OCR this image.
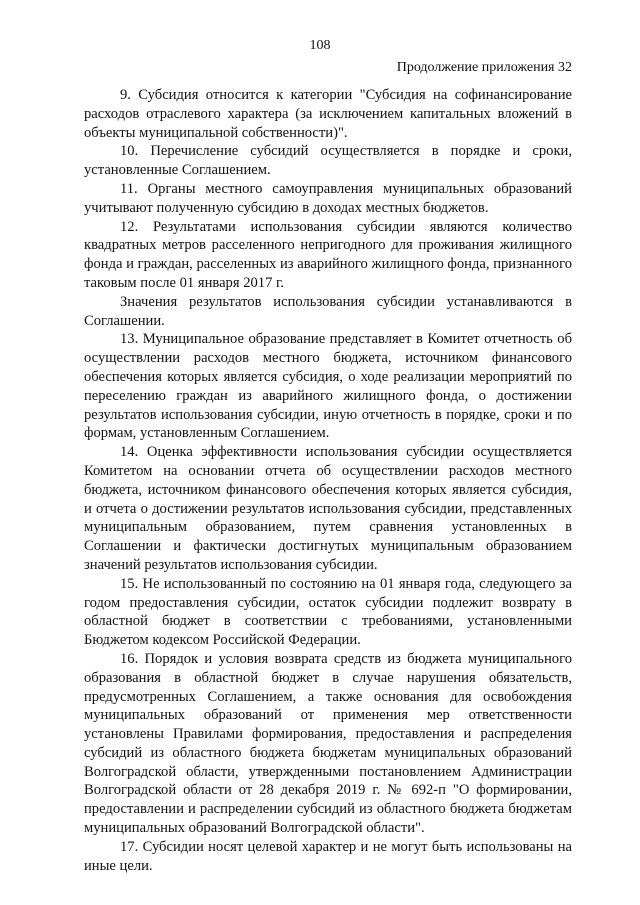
108
Продолжение приложения 32

9. Субсидия относится к категории "Субсидия на софинансирование расходов отраслевого характера (за исключением капитальных вложений в объекты муниципальной собственности)".

10. Перечисление субсидий осуществляется в порядке и сроки, установленные Соглашением.

11. Органы местного самоуправления муниципальных образований учитывают полученную субсидию в доходах местных бюджетов.

12. Результатами использования субсидии являются количество квадратных метров расселенного непригодного для проживания жилищного фонда и граждан, расселенных из аварийного жилищного фонда, признанного таковым после 01 января 2017 г.

Значения результатов использования субсидии устанавливаются в Соглашении.

13. Муниципальное образование представляет в Комитет отчетность об осуществлении расходов местного бюджета, источником финансового обеспечения которых является субсидия, о ходе реализации мероприятий по переселению граждан из аварийного жилищного фонда, о достижении результатов использования субсидии, иную отчетность в порядке, сроки и по формам, установленным Соглашением.

14. Оценка эффективности использования субсидии осуществляется Комитетом на основании отчета об осуществлении расходов местного бюджета, источником финансового обеспечения которых является субсидия, и отчета о достижении результатов использования субсидии, представленных муниципальным образованием, путем сравнения установленных в Соглашении и фактически достигнутых муниципальным образованием значений результатов использования субсидии.

15. Не использованный по состоянию на 01 января года, следующего за годом предоставления субсидии, остаток субсидии подлежит возврату в областной бюджет в соответствии с требованиями, установленными Бюджетом кодексом Российской Федерации.

16. Порядок и условия возврата средств из бюджета муниципального образования в областной бюджет в случае нарушения обязательств, предусмотренных Соглашением, а также основания для освобождения муниципальных образований от применения мер ответственности установлены Правилами формирования, предоставления и распределения субсидий из областного бюджета бюджетам муниципальных образований Волгоградской области, утвержденными постановлением Администрации Волгоградской области от 28 декабря 2019 г. № 692-п "О формировании, предоставлении и распределении субсидий из областного бюджета бюджетам муниципальных образований Волгоградской области".

17. Субсидии носят целевой характер и не могут быть использованы на иные цели.
